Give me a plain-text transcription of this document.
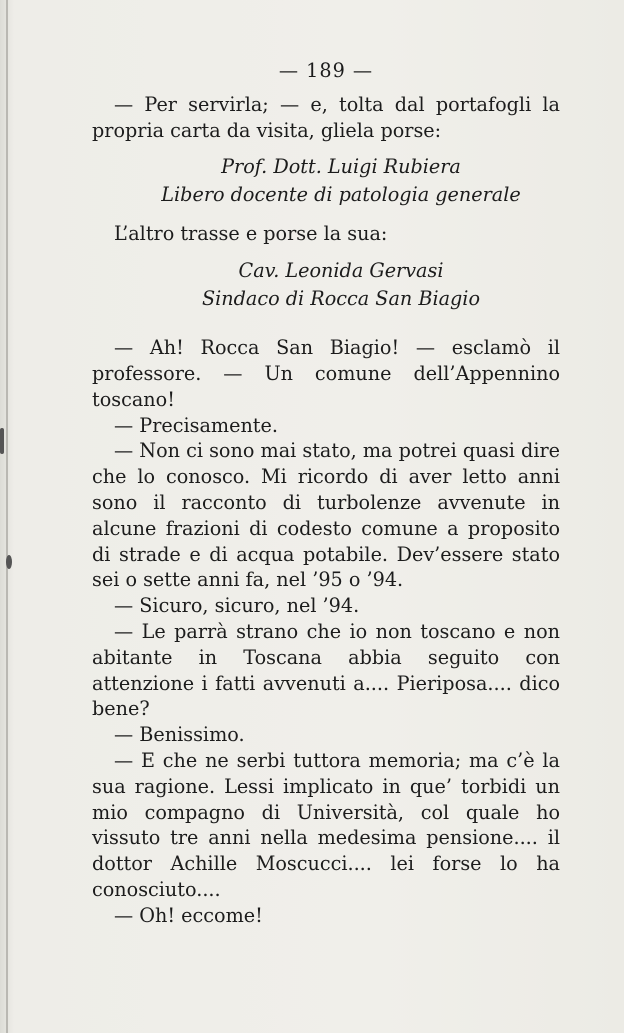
— 189 —

— Per servirla; — e, tolta dal portafogli la propria carta da visita, gliela porse:

Prof. Dott. Luigi Rubiera
Libero docente di patologia generale

L’altro trasse e porse la sua:

Cav. Leonida Gervasi
Sindaco di Rocca San Biagio

— Ah! Rocca San Biagio! — esclamò il professore. — Un comune dell’Appennino toscano!

— Precisamente.

— Non ci sono mai stato, ma potrei quasi dire che lo conosco. Mi ricordo di aver letto anni sono il racconto di turbolenze avvenute in alcune frazioni di codesto comune a proposito di strade e di acqua potabile. Dev’essere stato sei o sette anni fa, nel ’95 o ’94.

— Sicuro, sicuro, nel ’94.

— Le parrà strano che io non toscano e non abitante in Toscana abbia seguito con attenzione i fatti avvenuti a.... Pieriposa.... dico bene?

— Benissimo.

— E che ne serbi tuttora memoria; ma c’è la sua ragione. Lessi implicato in que’ torbidi un mio compagno di Università, col quale ho vissuto tre anni nella medesima pensione.... il dottor Achille Moscucci.... lei forse lo ha conosciuto....

— Oh! eccome!
